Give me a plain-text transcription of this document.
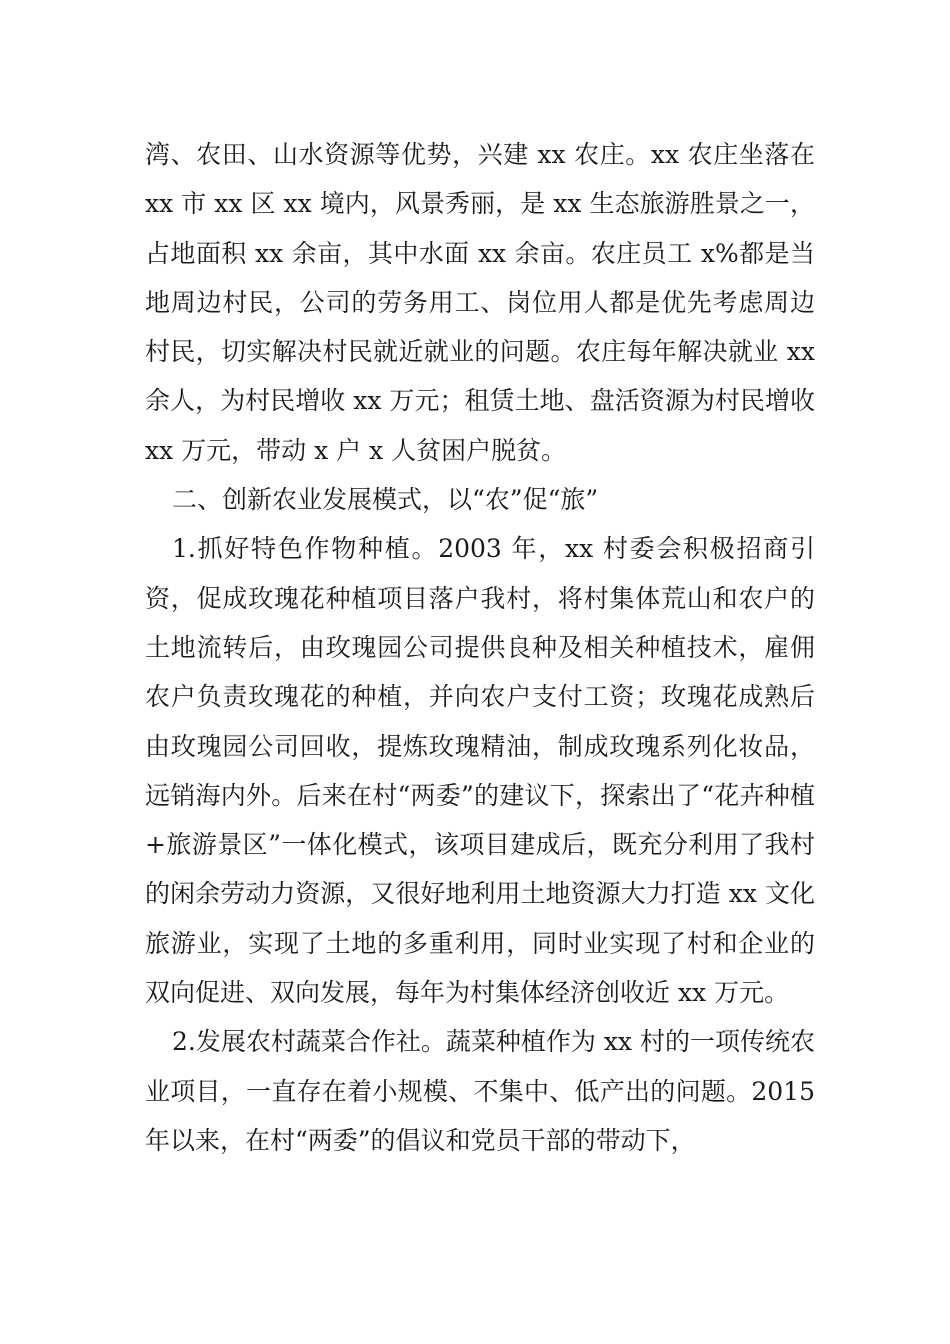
湾、农田、山水资源等优势，兴建 xx 农庄。xx 农庄坐落在 xx 市 xx 区 xx 境内，风景秀丽，是 xx 生态旅游胜景之一，占地面积 xx 余亩，其中水面 xx 余亩。农庄员工 x%都是当地周边村民，公司的劳务用工、岗位用人都是优先考虑周边村民，切实解决村民就近就业的问题。农庄每年解决就业 xx 余人，为村民增收 xx 万元；租赁土地、盘活资源为村民增收 xx 万元，带动 x 户 x 人贫困户脱贫。

二、创新农业发展模式，以“农”促“旅”

1.抓好特色作物种植。2003 年，xx 村委会积极招商引资，促成玫瑰花种植项目落户我村，将村集体荒山和农户的土地流转后，由玫瑰园公司提供良种及相关种植技术，雇佣农户负责玫瑰花的种植，并向农户支付工资；玫瑰花成熟后由玫瑰园公司回收，提炼玫瑰精油，制成玫瑰系列化妆品，远销海内外。后来在村“两委”的建议下，探索出了“花卉种植+旅游景区”一体化模式，该项目建成后，既充分利用了我村的闲余劳动力资源，又很好地利用土地资源大力打造 xx 文化旅游业，实现了土地的多重利用，同时业实现了村和企业的双向促进、双向发展，每年为村集体经济创收近 xx 万元。

2.发展农村蔬菜合作社。蔬菜种植作为 xx 村的一项传统农业项目，一直存在着小规模、不集中、低产出的问题。2015 年以来，在村“两委”的倡议和党员干部的带动下，
